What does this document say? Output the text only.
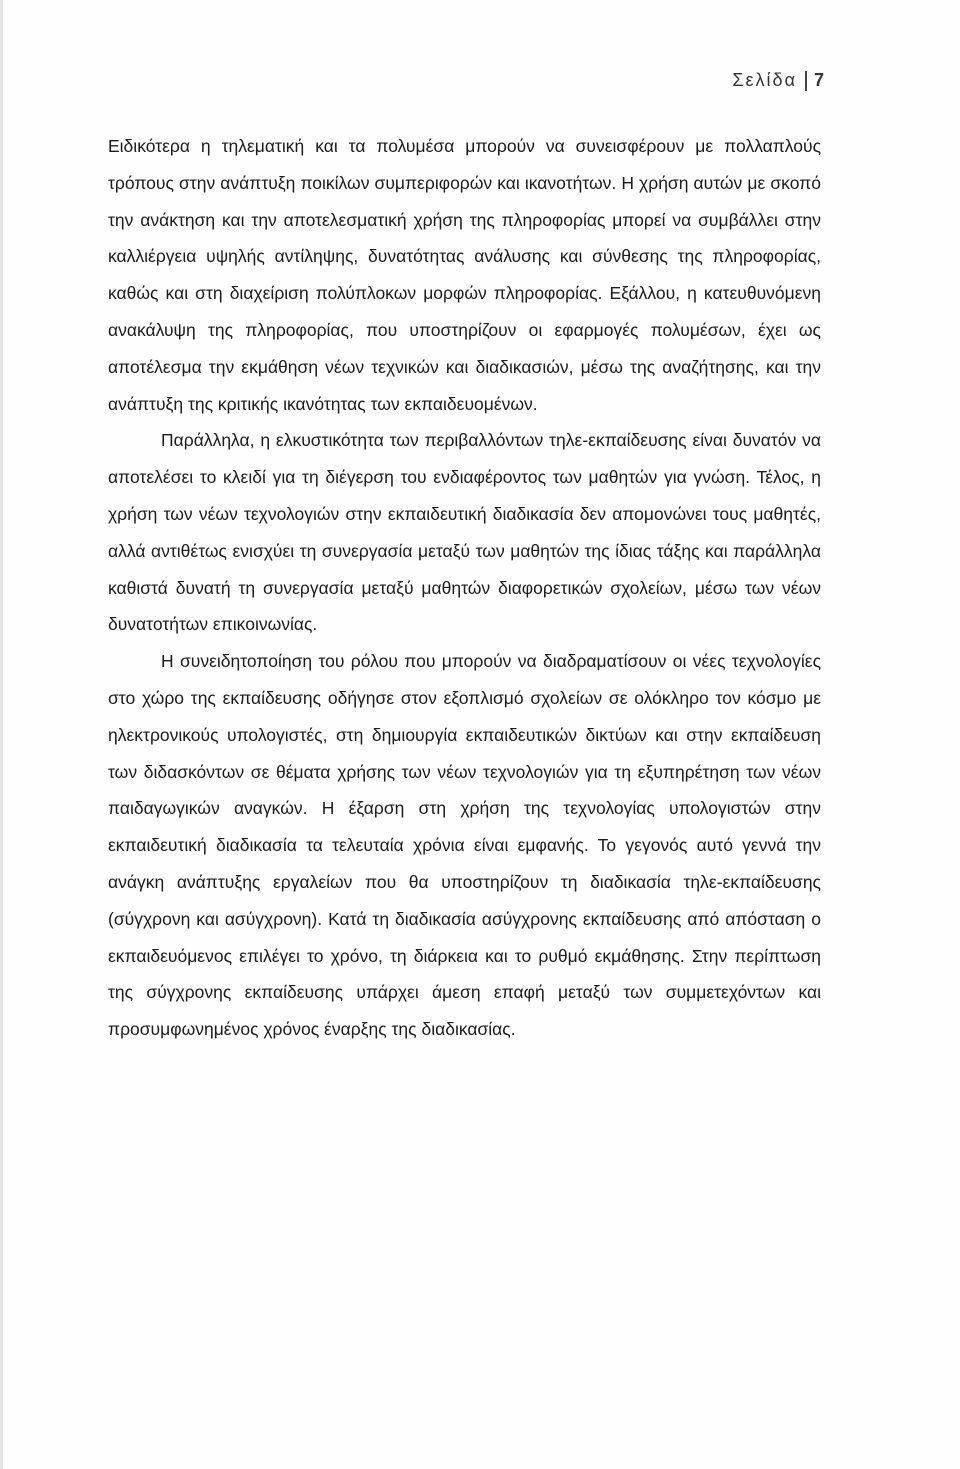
Σελίδα 7

Ειδικότερα η τηλεματική και τα πολυμέσα μπορούν να συνεισφέρουν με πολλαπλούς τρόπους στην ανάπτυξη ποικίλων συμπεριφορών και ικανοτήτων. Η χρήση αυτών με σκοπό την ανάκτηση και την αποτελεσματική χρήση της πληροφορίας μπορεί να συμβάλλει στην καλλιέργεια υψηλής αντίληψης, δυνατότητας ανάλυσης και σύνθεσης της πληροφορίας, καθώς και στη διαχείριση πολύπλοκων μορφών πληροφορίας. Εξάλλου, η κατευθυνόμενη ανακάλυψη της πληροφορίας, που υποστηρίζουν οι εφαρμογές πολυμέσων, έχει ως αποτέλεσμα την εκμάθηση νέων τεχνικών και διαδικασιών, μέσω της αναζήτησης, και την ανάπτυξη της κριτικής ικανότητας των εκπαιδευομένων.

Παράλληλα, η ελκυστικότητα των περιβαλλόντων τηλε-εκπαίδευσης είναι δυνατόν να αποτελέσει το κλειδί για τη διέγερση του ενδιαφέροντος των μαθητών για γνώση. Τέλος, η χρήση των νέων τεχνολογιών στην εκπαιδευτική διαδικασία δεν απομονώνει τους μαθητές, αλλά αντιθέτως ενισχύει τη συνεργασία μεταξύ των μαθητών της ίδιας τάξης και παράλληλα καθιστά δυνατή τη συνεργασία μεταξύ μαθητών διαφορετικών σχολείων, μέσω των νέων δυνατοτήτων επικοινωνίας.

Η συνειδητοποίηση του ρόλου που μπορούν να διαδραματίσουν οι νέες τεχνολογίες στο χώρο της εκπαίδευσης οδήγησε στον εξοπλισμό σχολείων σε ολόκληρο τον κόσμο με ηλεκτρονικούς υπολογιστές, στη δημιουργία εκπαιδευτικών δικτύων και στην εκπαίδευση των διδασκόντων σε θέματα χρήσης των νέων τεχνολογιών για τη εξυπηρέτηση των νέων παιδαγωγικών αναγκών. Η έξαρση στη χρήση της τεχνολογίας υπολογιστών στην εκπαιδευτική διαδικασία τα τελευταία χρόνια είναι εμφανής. Το γεγονός αυτό γεννά την ανάγκη ανάπτυξης εργαλείων που θα υποστηρίζουν τη διαδικασία τηλε-εκπαίδευσης (σύγχρονη και ασύγχρονη). Κατά τη διαδικασία ασύγχρονης εκπαίδευσης από απόσταση ο εκπαιδευόμενος επιλέγει το χρόνο, τη διάρκεια και το ρυθμό εκμάθησης. Στην περίπτωση της σύγχρονης εκπαίδευσης υπάρχει άμεση επαφή μεταξύ των συμμετεχόντων και προσυμφωνημένος χρόνος έναρξης της διαδικασίας.
